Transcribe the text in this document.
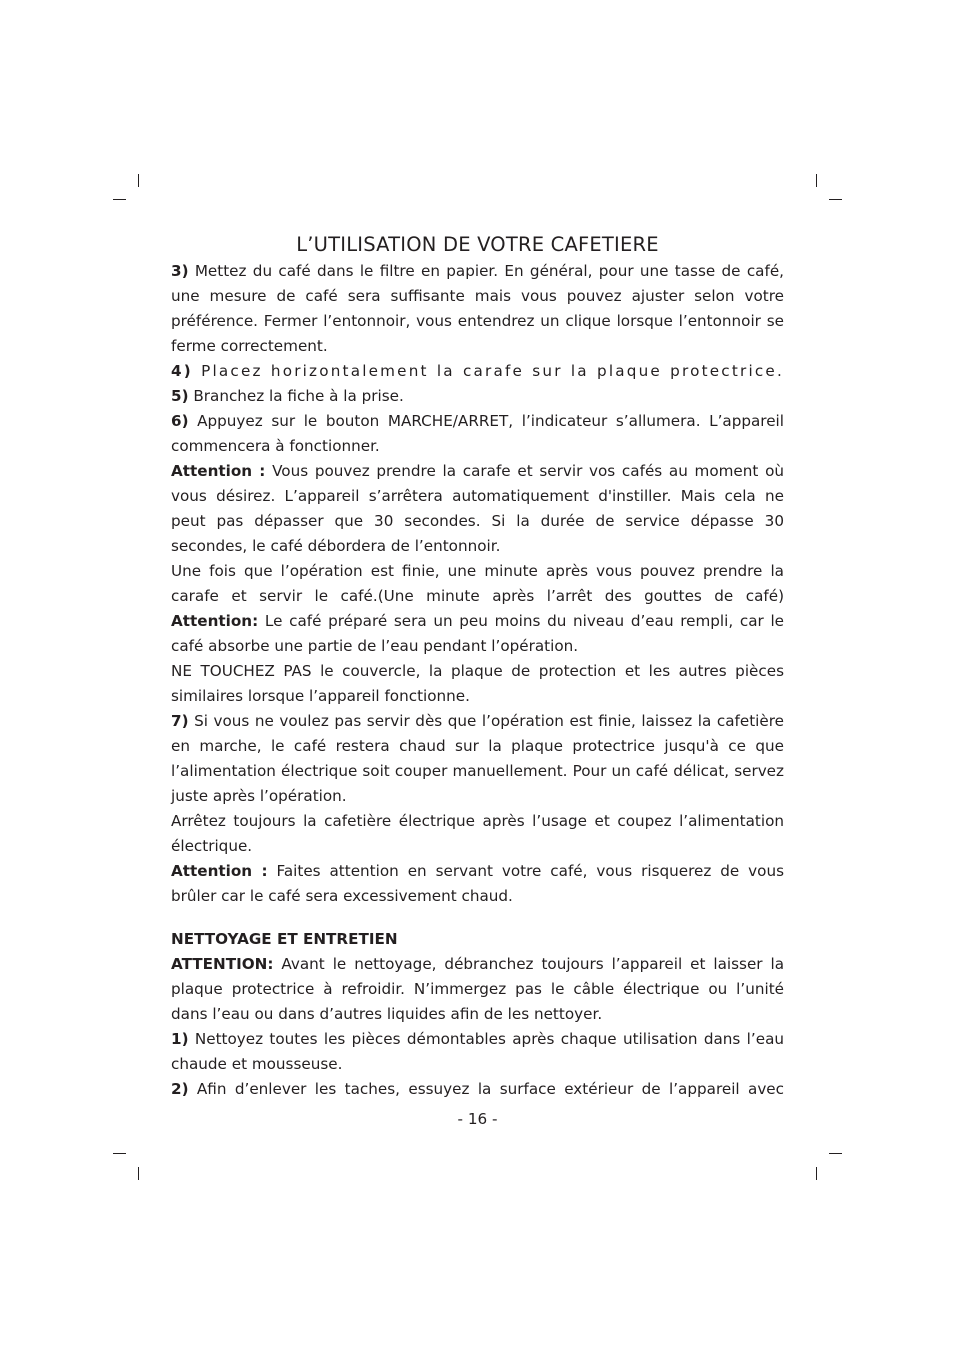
L’UTILISATION DE VOTRE CAFETIERE

3) Mettez du café dans le filtre en papier. En général, pour une tasse de café, une mesure de café sera suffisante mais vous pouvez ajuster selon votre préférence. Fermer l’entonnoir, vous entendrez un clique lorsque l’entonnoir se ferme correctement.

4) Placez horizontalement la carafe sur la plaque protectrice.

5) Branchez la fiche à la prise.

6) Appuyez sur le bouton MARCHE/ARRET, l’indicateur s’allumera. L’appareil commencera à fonctionner.

Attention : Vous pouvez prendre la carafe et servir vos cafés au moment où vous désirez. L’appareil s’arrêtera automatiquement d'instiller. Mais cela ne peut pas dépasser que 30 secondes. Si la durée de service dépasse 30 secondes, le café débordera de l’entonnoir.

Une fois que l’opération est finie, une minute après vous pouvez prendre la carafe et servir le café.(Une minute après l’arrêt des gouttes de café)

Attention: Le café préparé sera un peu moins du niveau d’eau rempli, car le café absorbe une partie de l’eau pendant l’opération.

NE TOUCHEZ PAS le couvercle, la plaque de protection et les autres pièces similaires lorsque l’appareil fonctionne.

7) Si vous ne voulez pas servir dès que l’opération est finie, laissez la cafetière en marche, le café restera chaud sur la plaque protectrice jusqu'à ce que l’alimentation électrique soit couper manuellement. Pour un café délicat, servez juste après l’opération.

Arrêtez toujours la cafetière électrique après l’usage et coupez l’alimentation électrique.

Attention : Faites attention en servant votre café, vous risquerez de vous brûler car le café sera excessivement chaud.

NETTOYAGE ET ENTRETIEN

ATTENTION: Avant le nettoyage, débranchez toujours l’appareil et laisser la plaque protectrice à refroidir. N’immergez pas le câble électrique ou l’unité dans l’eau ou dans d’autres liquides afin de les nettoyer.

1) Nettoyez toutes les pièces démontables après chaque utilisation dans l’eau chaude et mousseuse.

2) Afin d’enlever les taches, essuyez la surface extérieur de l’appareil avec

- 16 -
